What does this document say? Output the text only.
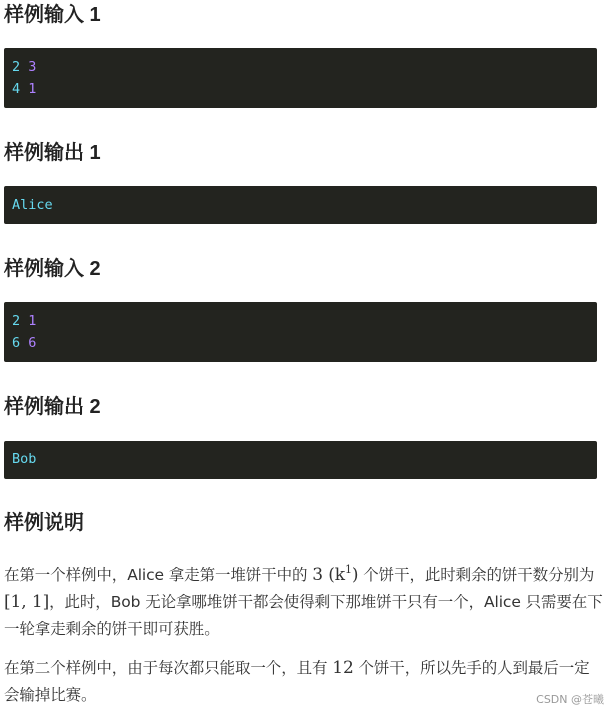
样例输入 1
2 3
4 1
样例输出 1
Alice
样例输入 2
2 1
6 6
样例输出 2
Bob
样例说明

在第一个样例中，Alice 拿走第一堆饼干中的 3 $(k^1)$ 个饼干，此时剩余的饼干数分别为 [1, 1]，此时，Bob 无论拿哪堆饼干都会使得剩下那堆饼干只有一个，Alice 只需要在下一轮拿走剩余的饼干即可获胜。

在第二个样例中，由于每次都只能取一个，且有 12 个饼干，所以先手的人到最后一定会输掉比赛。	CSDN @苍曦
